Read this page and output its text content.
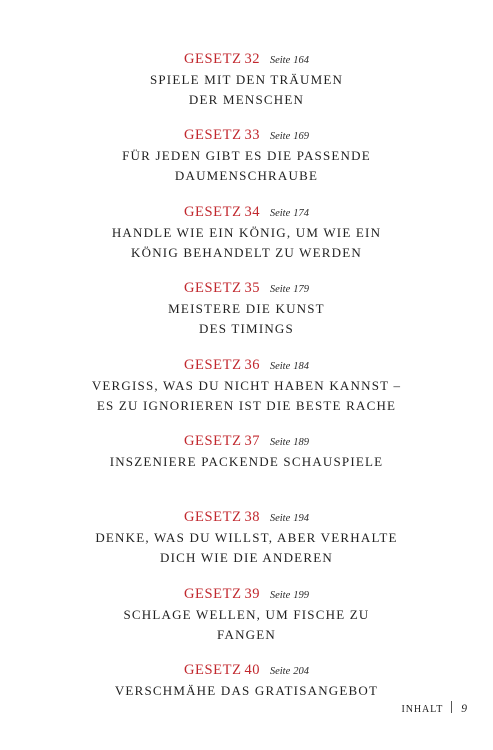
GESETZ 32 Seite 164
SPIELE MIT DEN TRÄUMEN
DER MENSCHEN
GESETZ 33 Seite 169
FÜR JEDEN GIBT ES DIE PASSENDE
DAUMENSCHRAUBE
GESETZ 34 Seite 174
HANDLE WIE EIN KÖNIG, UM WIE EIN
KÖNIG BEHANDELT ZU WERDEN
GESETZ 35 Seite 179
MEISTERE DIE KUNST
DES TIMINGS
GESETZ 36 Seite 184
VERGISS, WAS DU NICHT HABEN KANNST –
ES ZU IGNORIEREN IST DIE BESTE RACHE
GESETZ 37 Seite 189
INSZENIERE PACKENDE SCHAUSPIELE
GESETZ 38 Seite 194
DENKE, WAS DU WILLST, ABER VERHALTE
DICH WIE DIE ANDEREN
GESETZ 39 Seite 199
SCHLAGE WELLEN, UM FISCHE ZU
FANGEN
GESETZ 40 Seite 204
VERSCHMÄHE DAS GRATISANGEBOT
INHALT 9
